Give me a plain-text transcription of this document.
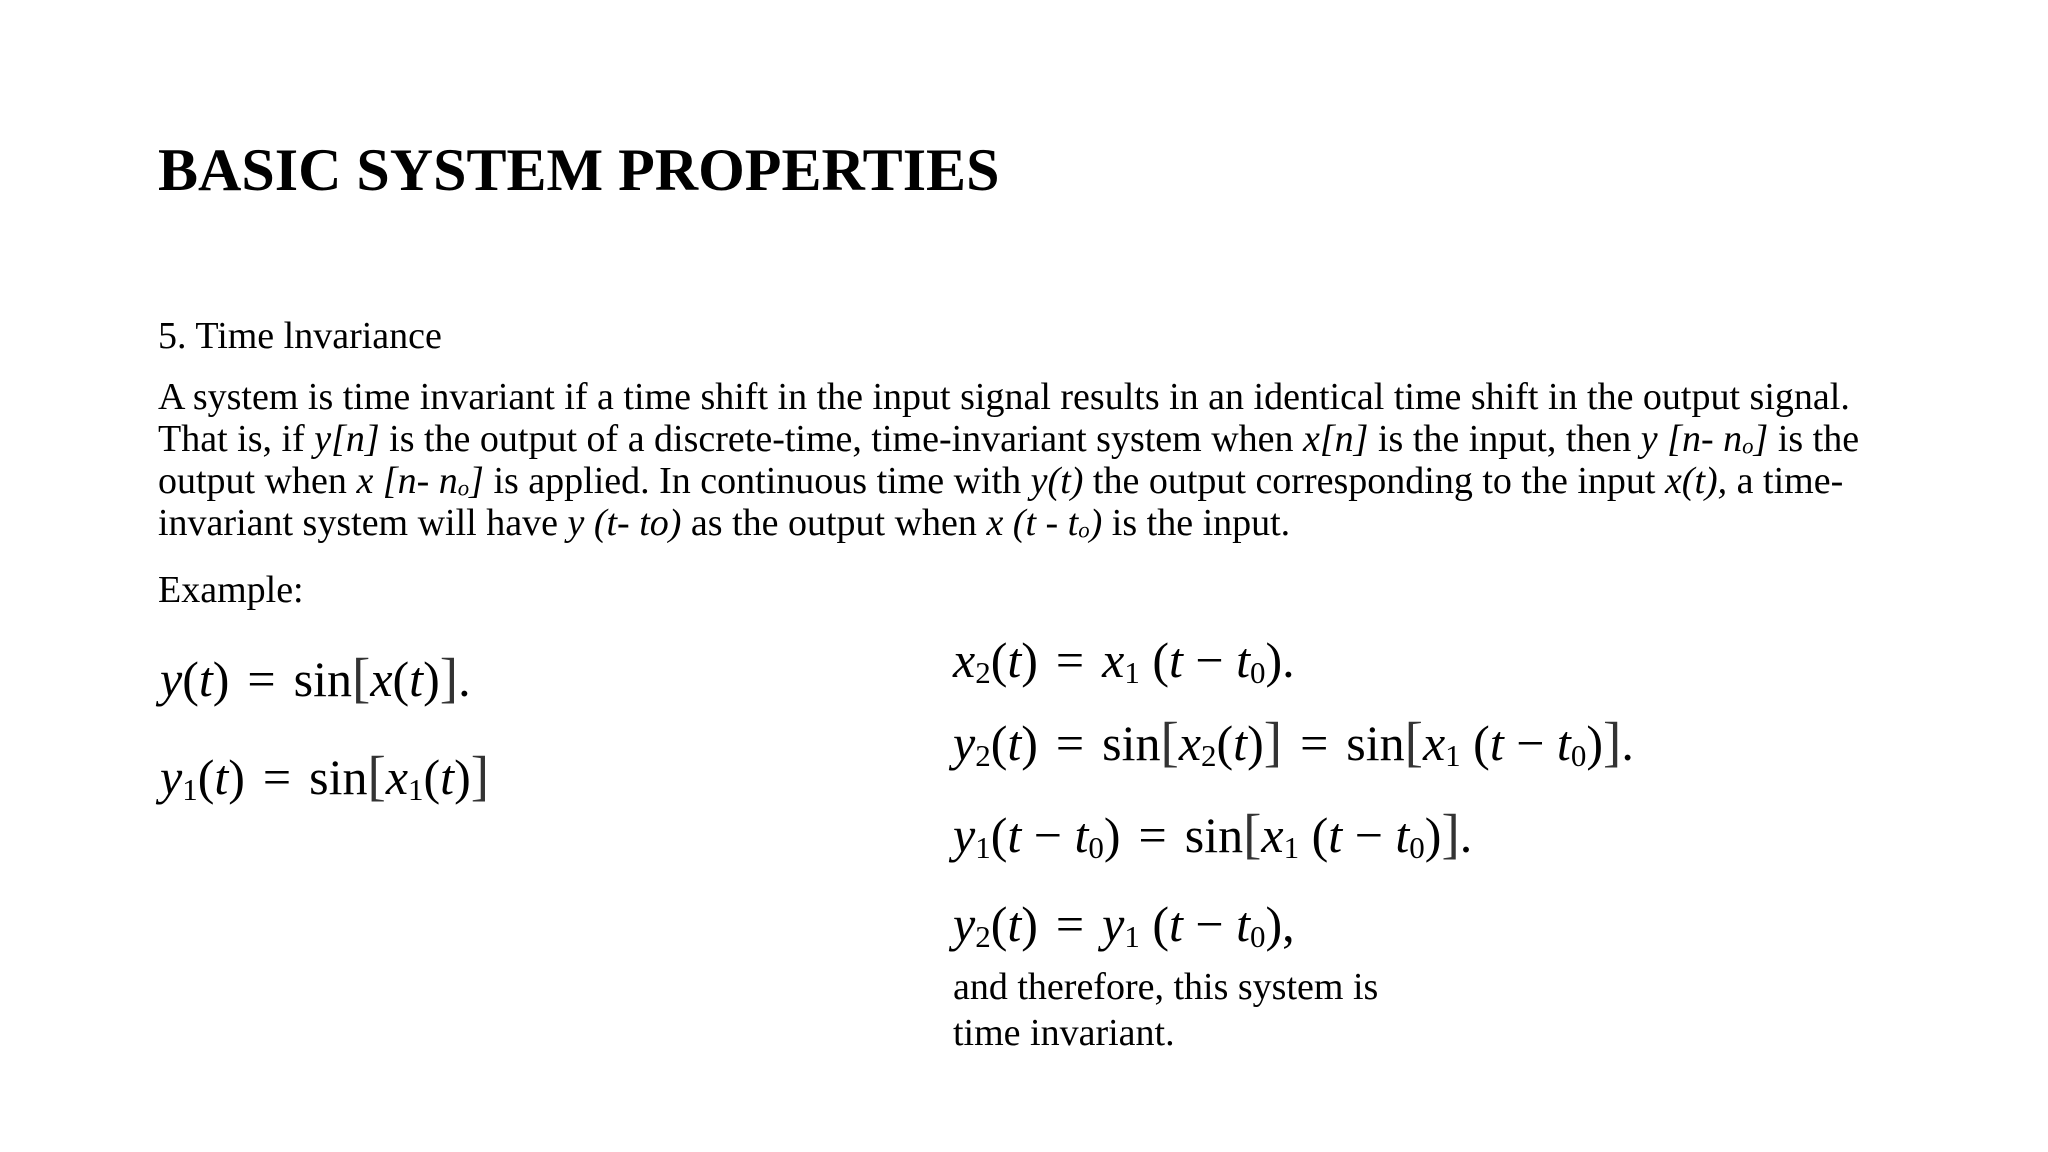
BASIC SYSTEM PROPERTIES

5. Time lnvariance

A system is time invariant if a time shift in the input signal results in an identical time shift in the output signal.
That is, if y[n] is the output of a discrete-time, time-invariant system when x[n] is the input, then y [n- $n_o$] is the
output when x [n- $n_o$] is applied. In continuous time with y(t) the output corresponding to the input x(t), a time-
invariant system will have y (t- to) as the output when x $(t - t_o)$ is the input.

Example:

y(t) = sin[x(t)].
$y_1(t) = \sin[x_1(t)]$
$x_2(t) = x_1$ $(t - t_0)$.
$y_2(t) = \sin[x_2(t)] = \sin[x_1$ $(t - t_0)$].
$y_1(t - t_0) = \sin[x_1$ $(t - t_0)$].
$y_2(t) = y_1$ $(t - t_0)$,

and therefore, this system is
time invariant.
